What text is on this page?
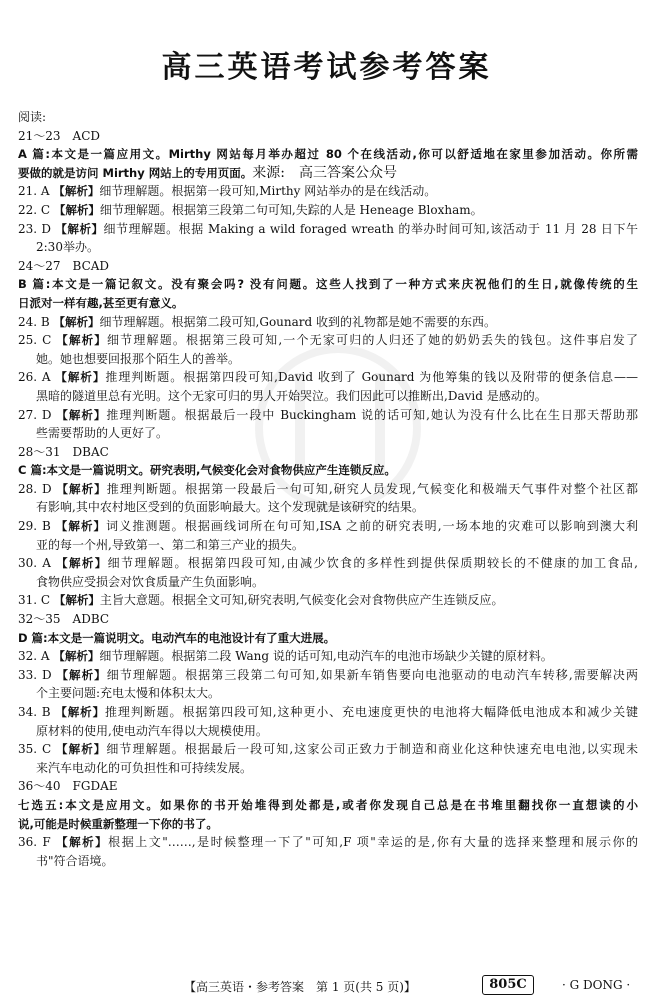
高三英语考试参考答案
阅读:
21～23　ACD
A 篇:本文是一篇应用文。Mirthy 网站每月举办超过 80 个在线活动,你可以舒适地在家里参加活动。你所需
要做的就是访问 Mirthy 网站上的专用页面。来源:　高三答案公众号
21. A 【解析】细节理解题。根据第一段可知,Mirthy 网站举办的是在线活动。
22. C 【解析】细节理解题。根据第三段第二句可知,失踪的人是 Heneage Bloxham。
23. D 【解析】细节理解题。根据 Making a wild foraged wreath 的举办时间可知,该活动于 11 月 28 日下午
2:30举办。
24～27　BCAD
B 篇:本文是一篇记叙文。没有聚会吗? 没有问题。这些人找到了一种方式来庆祝他们的生日,就像传统的生
日派对一样有趣,甚至更有意义。
24. B 【解析】细节理解题。根据第二段可知,Gounard 收到的礼物都是她不需要的东西。
25. C 【解析】细节理解题。根据第三段可知,一个无家可归的人归还了她的奶奶丢失的钱包。这件事启发了
她。她也想要回报那个陌生人的善举。
26. A 【解析】推理判断题。根据第四段可知,David 收到了 Gounard 为他筹集的钱以及附带的便条信息——
黑暗的隧道里总有光明。这个无家可归的男人开始哭泣。我们因此可以推断出,David 是感动的。
27. D 【解析】推理判断题。根据最后一段中 Buckingham 说的话可知,她认为没有什么比在生日那天帮助那
些需要帮助的人更好了。
28～31　DBAC
C 篇:本文是一篇说明文。研究表明,气候变化会对食物供应产生连锁反应。
28. D 【解析】推理判断题。根据第一段最后一句可知,研究人员发现,气候变化和极端天气事件对整个社区都
有影响,其中农村地区受到的负面影响最大。这个发现就是该研究的结果。
29. B 【解析】词义推测题。根据画线词所在句可知,ISA 之前的研究表明,一场本地的灾难可以影响到澳大利
亚的每一个州,导致第一、第二和第三产业的损失。
30. A 【解析】细节理解题。根据第四段可知,由减少饮食的多样性到提供保质期较长的不健康的加工食品,
食物供应受损会对饮食质量产生负面影响。
31. C 【解析】主旨大意题。根据全文可知,研究表明,气候变化会对食物供应产生连锁反应。
32～35　ADBC
D 篇:本文是一篇说明文。电动汽车的电池设计有了重大进展。
32. A 【解析】细节理解题。根据第二段 Wang 说的话可知,电动汽车的电池市场缺少关键的原材料。
33. D 【解析】细节理解题。根据第三段第二句可知,如果新车销售要向电池驱动的电动汽车转移,需要解决两
个主要问题:充电太慢和体积太大。
34. B 【解析】推理判断题。根据第四段可知,这种更小、充电速度更快的电池将大幅降低电池成本和减少关键
原材料的使用,使电动汽车得以大规模使用。
35. C 【解析】细节理解题。根据最后一段可知,这家公司正致力于制造和商业化这种快速充电电池,以实现未
来汽车电动化的可负担性和可持续发展。
36～40　FGDAE
七选五:本文是应用文。如果你的书开始堆得到处都是,或者你发现自己总是在书堆里翻找你一直想读的小
说,可能是时候重新整理一下你的书了。
36. F 【解析】根据上文"……,是时候整理一下了"可知,F 项"幸运的是,你有大量的选择来整理和展示你的
书"符合语境。
【高三英语・参考答案　第 1 页(共 5 页)】	805C	· G DONG ·
